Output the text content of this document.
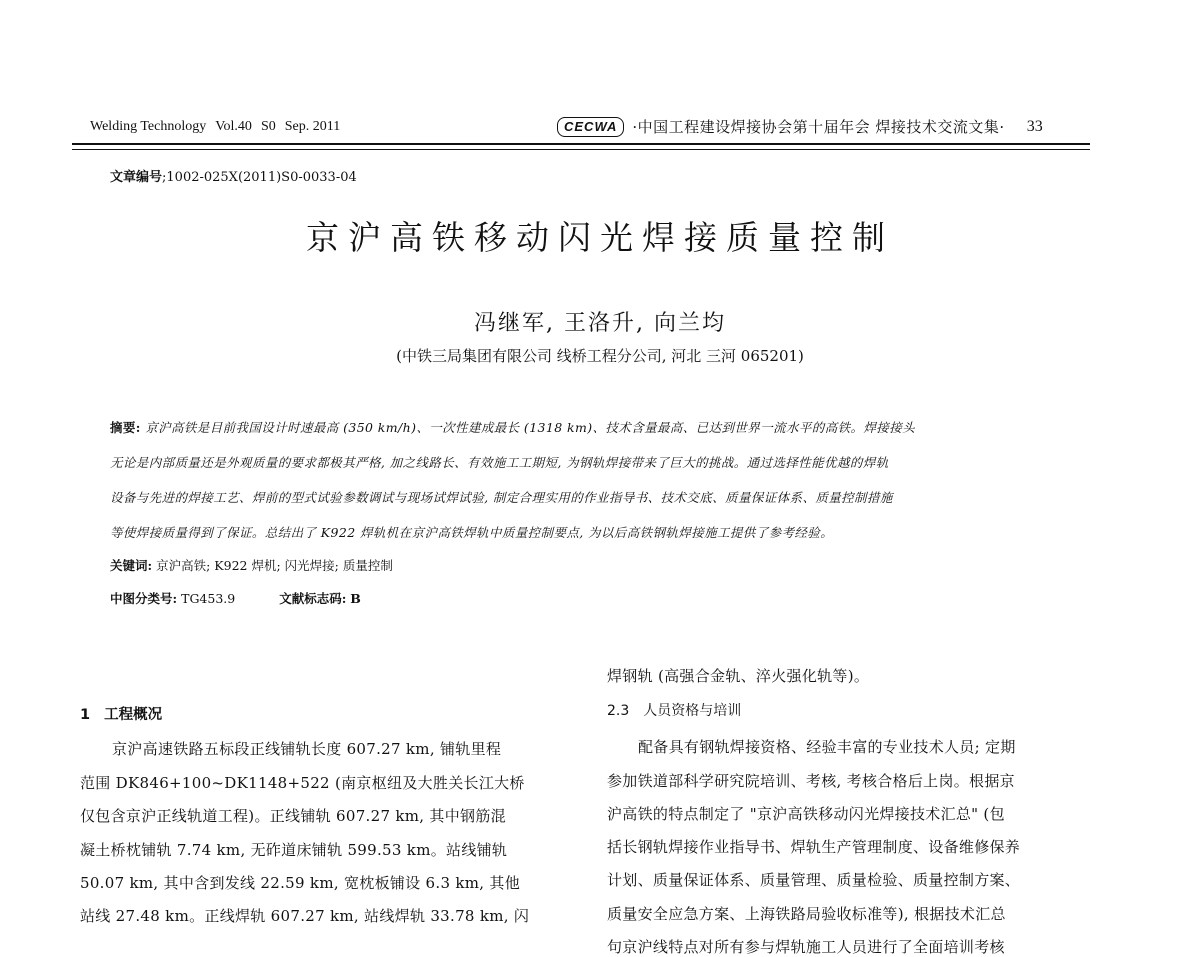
Welding Technology Vol.40 S0 Sep. 2011	CECWA	·中国工程建设焊接协会第十届年会 焊接技术交流文集· 33
文章编号;1002-025X(2011)S0-0033-04
京沪高铁移动闪光焊接质量控制
冯继军, 王洛升, 向兰均
(中铁三局集团有限公司 线桥工程分公司, 河北 三河 065201)
摘要: 京沪高铁是目前我国设计时速最高 (350 km/h)、一次性建成最长 (1318 km)、技术含量最高、已达到世界一流水平的高铁。焊接接头
无论是内部质量还是外观质量的要求都极其严格, 加之线路长、有效施工工期短, 为钢轨焊接带来了巨大的挑战。通过选择性能优越的焊轨
设备与先进的焊接工艺、焊前的型式试验参数调试与现场试焊试验, 制定合理实用的作业指导书、技术交底、质量保证体系、质量控制措施
等使焊接质量得到了保证。总结出了 K922 焊轨机在京沪高铁焊轨中质量控制要点, 为以后高铁钢轨焊接施工提供了参考经验。
关键词: 京沪高铁; K922 焊机; 闪光焊接; 质量控制
中图分类号: TG453.9	文献标志码: B
1 工程概况
京沪高速铁路五标段正线铺轨长度 607.27 km, 铺轨里程
范围 DK846+100~DK1148+522 (南京枢纽及大胜关长江大桥
仅包含京沪正线轨道工程)。正线铺轨 607.27 km, 其中钢筋混
凝土桥枕铺轨 7.74 km, 无砟道床铺轨 599.53 km。站线铺轨
50.07 km, 其中含到发线 22.59 km, 宽枕板铺设 6.3 km, 其他
站线 27.48 km。正线焊轨 607.27 km, 站线焊轨 33.78 km, 闪
焊钢轨 (高强合金轨、淬火强化轨等)。
2.3 人员资格与培训
配备具有钢轨焊接资格、经验丰富的专业技术人员; 定期
参加铁道部科学研究院培训、考核, 考核合格后上岗。根据京
沪高铁的特点制定了 "京沪高铁移动闪光焊接技术汇总" (包
括长钢轨焊接作业指导书、焊轨生产管理制度、设备维修保养
计划、质量保证体系、质量管理、质量检验、质量控制方案、
质量安全应急方案、上海铁路局验收标准等), 根据技术汇总
句京沪线特点对所有参与焊轨施工人员进行了全面培训考核
